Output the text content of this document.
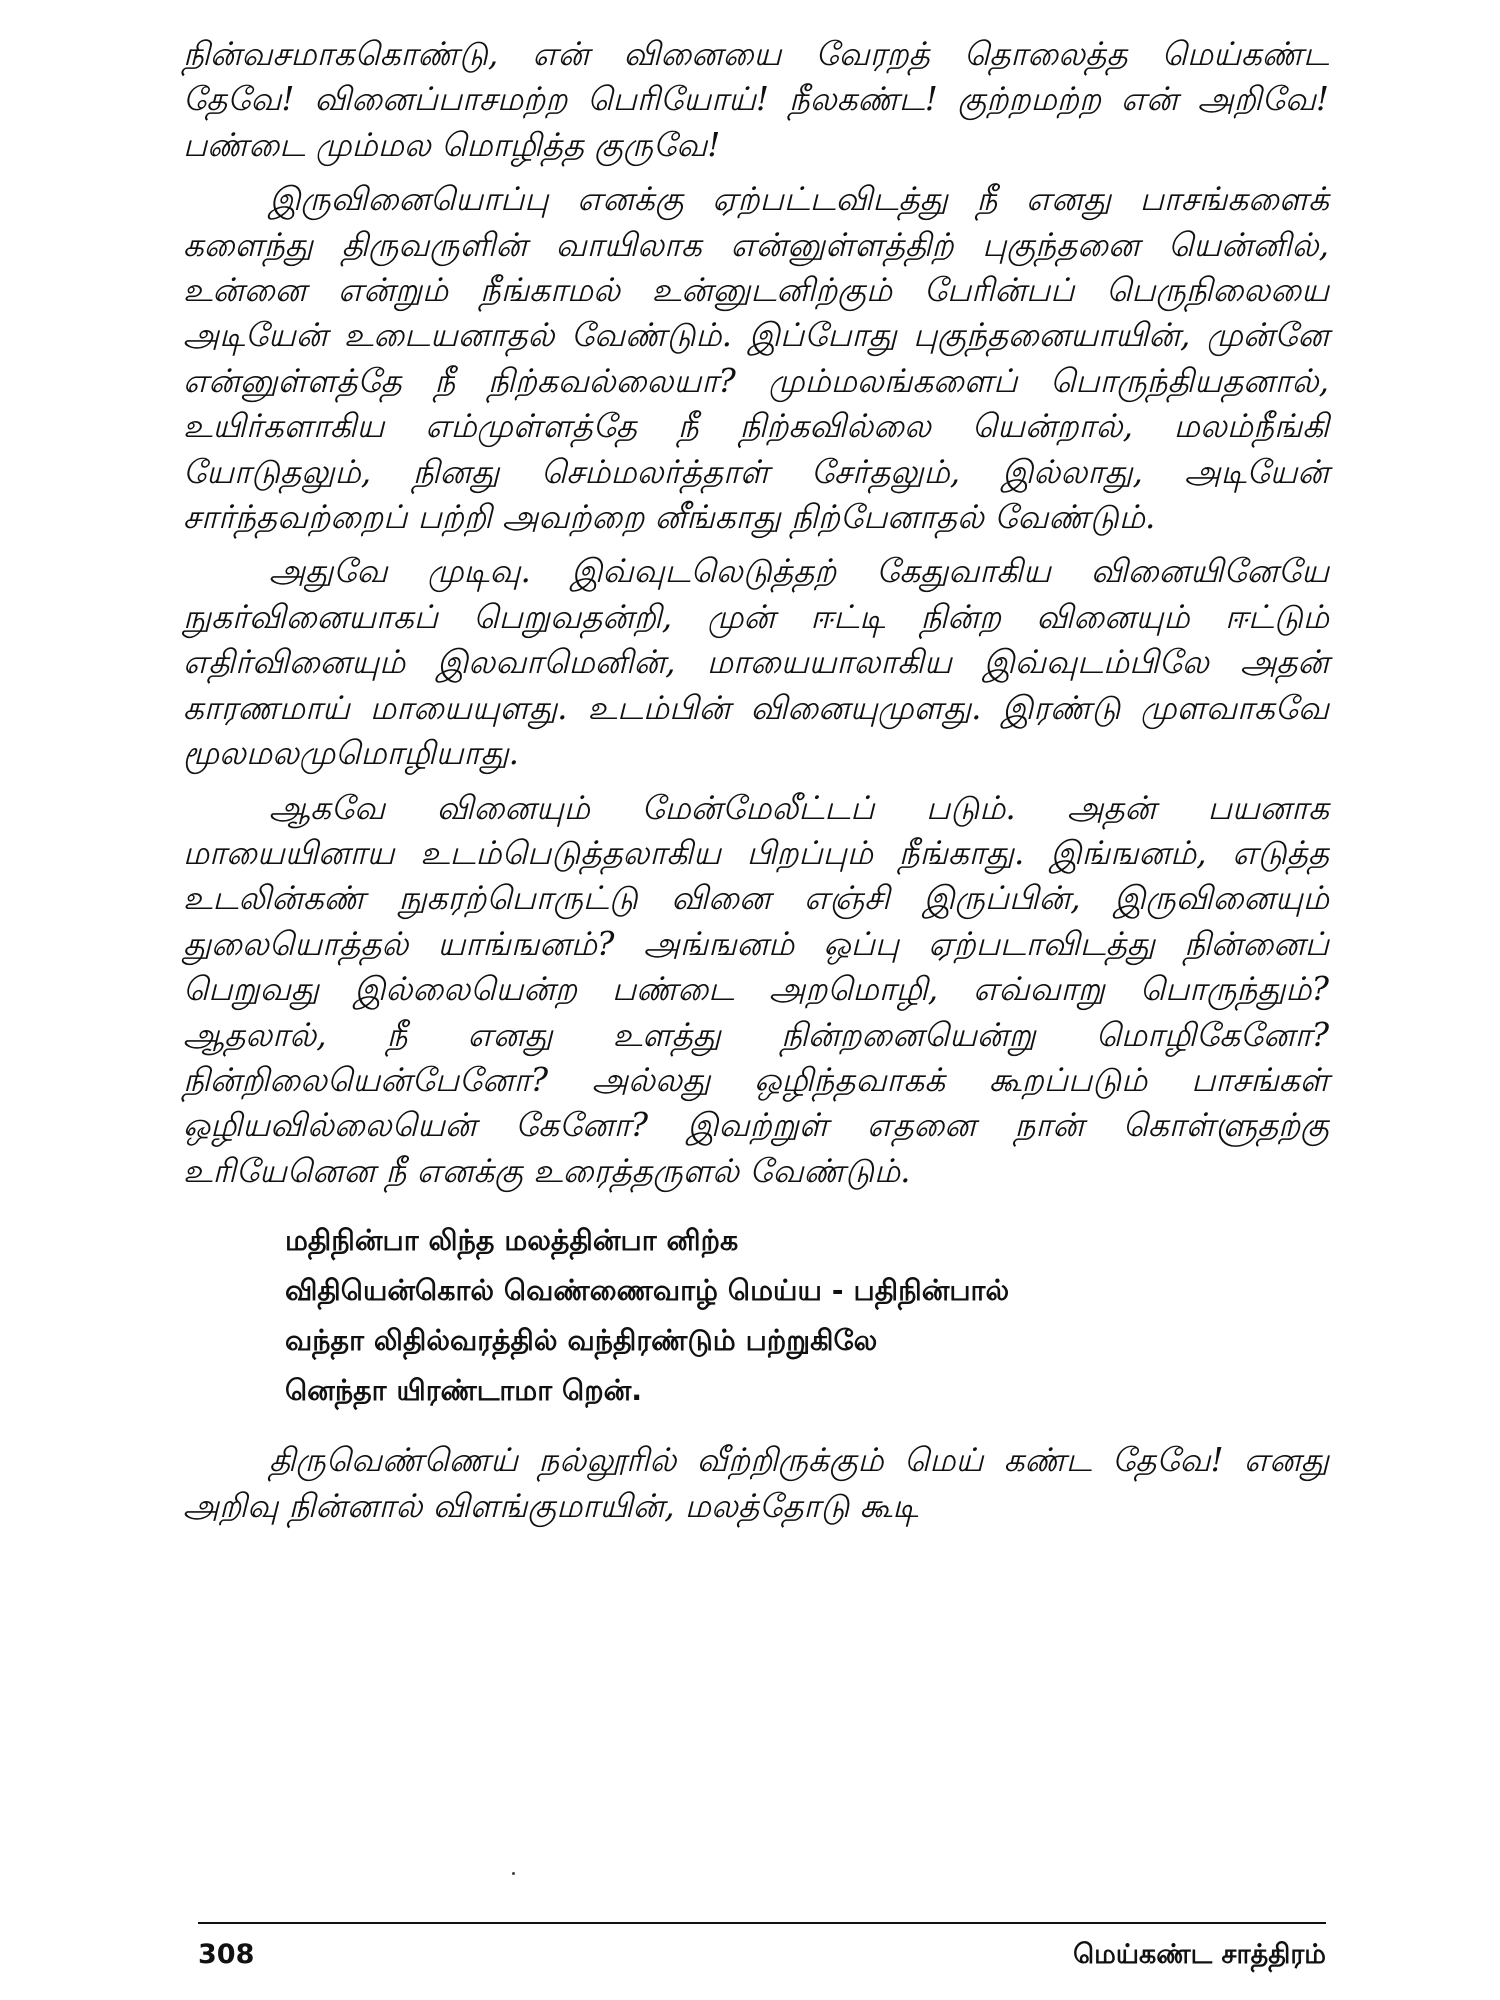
நின்வசமாககொண்டு, என் வினையை வேரறத் தொலைத்த மெய்கண்ட தேவே! வினைப்பாசமற்ற பெரியோய்! நீலகண்ட! குற்றமற்ற என் அறிவே! பண்டை மும்மல மொழித்த குருவே!

இருவினையொப்பு எனக்கு ஏற்பட்டவிடத்து நீ எனது பாசங்களைக் களைந்து திருவருளின் வாயிலாக என்னுள்ளத்திற் புகுந்தனை யென்னில், உன்னை என்றும் நீங்காமல் உன்னுடனிற்கும் பேரின்பப் பெருநிலையை அடியேன் உடையனாதல் வேண்டும். இப்போது புகுந்தனையாயின், முன்னே என்னுள்ளத்தே நீ நிற்கவல்லையா? மும்மலங்களைப் பொருந்தியதனால், உயிர்களாகிய எம்முள்ளத்தே நீ நிற்கவில்லை யென்றால், மலம்நீங்கி யோடுதலும், நினது செம்மலர்த்தாள் சேர்தலும், இல்லாது, அடியேன் சார்ந்தவற்றைப் பற்றி அவற்றை னீங்காது நிற்பேனாதல் வேண்டும்.

அதுவே முடிவு. இவ்வுடலெடுத்தற் கேதுவாகிய வினையினேயே நுகர்வினையாகப் பெறுவதன்றி, முன் ஈட்டி நின்ற வினையும் ஈட்டும் எதிர்வினையும் இலவாமெனின், மாயையாலாகிய இவ்வுடம்பிலே அதன் காரணமாய் மாயையுளது. உடம்பின் வினையுமுளது. இரண்டு முளவாகவே மூலமலமுமொழியாது.

ஆகவே வினையும் மேன்மேலீட்டப் படும். அதன் பயனாக மாயையினாய உடம்பெடுத்தலாகிய பிறப்பும் நீங்காது. இங்ஙனம், எடுத்த உடலின்கண் நுகரற்பொருட்டு வினை எஞ்சி இருப்பின், இருவினையும் துலையொத்தல் யாங்ஙனம்? அங்ஙனம் ஒப்பு ஏற்படாவிடத்து நின்னைப் பெறுவது இல்லையென்ற பண்டை அறமொழி, எவ்வாறு பொருந்தும்? ஆதலால், நீ எனது உளத்து நின்றனையென்று மொழிகேனோ? நின்றிலையென்பேனோ? அல்லது ஒழிந்தவாகக் கூறப்படும் பாசங்கள் ஒழியவில்லையென் கேனோ? இவற்றுள் எதனை நான் கொள்ளுதற்கு உரியேனென நீ எனக்கு உரைத்தருளல் வேண்டும்.

மதிநின்பா லிந்த மலத்தின்பா னிற்க
விதியென்கொல் வெண்ணைவாழ் மெய்ய - பதிநின்பால்
வந்தா லிதில்வரத்தில் வந்திரண்டும் பற்றுகிலே
னெந்தா யிரண்டாமா றென்.

திருவெண்ணெய் நல்லூரில் வீற்றிருக்கும் மெய் கண்ட தேவே! எனது அறிவு நின்னால் விளங்குமாயின், மலத்தோடு கூடி

308	மெய்கண்ட சாத்திரம்
